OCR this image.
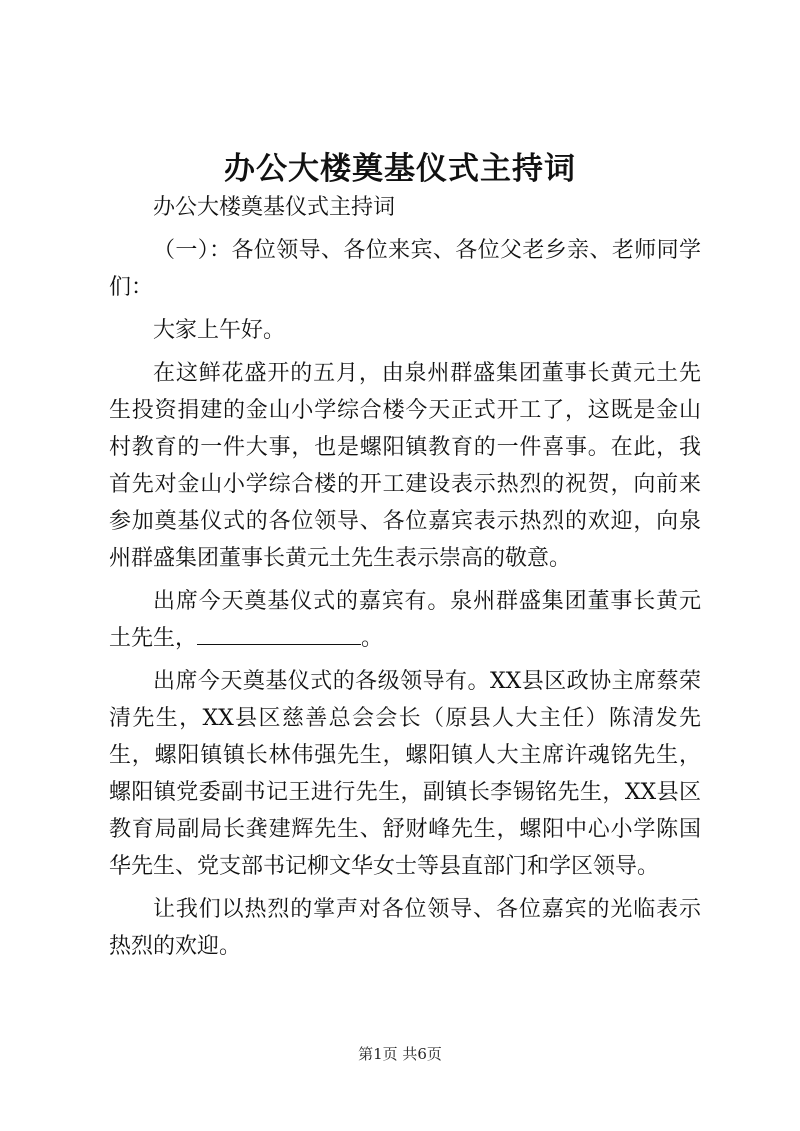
办公大楼奠基仪式主持词

办公大楼奠基仪式主持词

（一）：各位领导、各位来宾、各位父老乡亲、老师同学们：

大家上午好。

在这鲜花盛开的五月，由泉州群盛集团董事长黄元土先生投资捐建的金山小学综合楼今天正式开工了，这既是金山村教育的一件大事，也是螺阳镇教育的一件喜事。在此，我首先对金山小学综合楼的开工建设表示热烈的祝贺，向前来参加奠基仪式的各位领导、各位嘉宾表示热烈的欢迎，向泉州群盛集团董事长黄元土先生表示崇高的敬意。

出席今天奠基仪式的嘉宾有。泉州群盛集团董事长黄元土先生，	。

出席今天奠基仪式的各级领导有。XX县区政协主席蔡荣清先生，XX县区慈善总会会长（原县人大主任）陈清发先生，螺阳镇镇长林伟强先生，螺阳镇人大主席许魂铭先生，螺阳镇党委副书记王进行先生，副镇长李锡铭先生，XX县区教育局副局长龚建辉先生、舒财峰先生，螺阳中心小学陈国华先生、党支部书记柳文华女士等县直部门和学区领导。

让我们以热烈的掌声对各位领导、各位嘉宾的光临表示热烈的欢迎。

第1页 共6页
